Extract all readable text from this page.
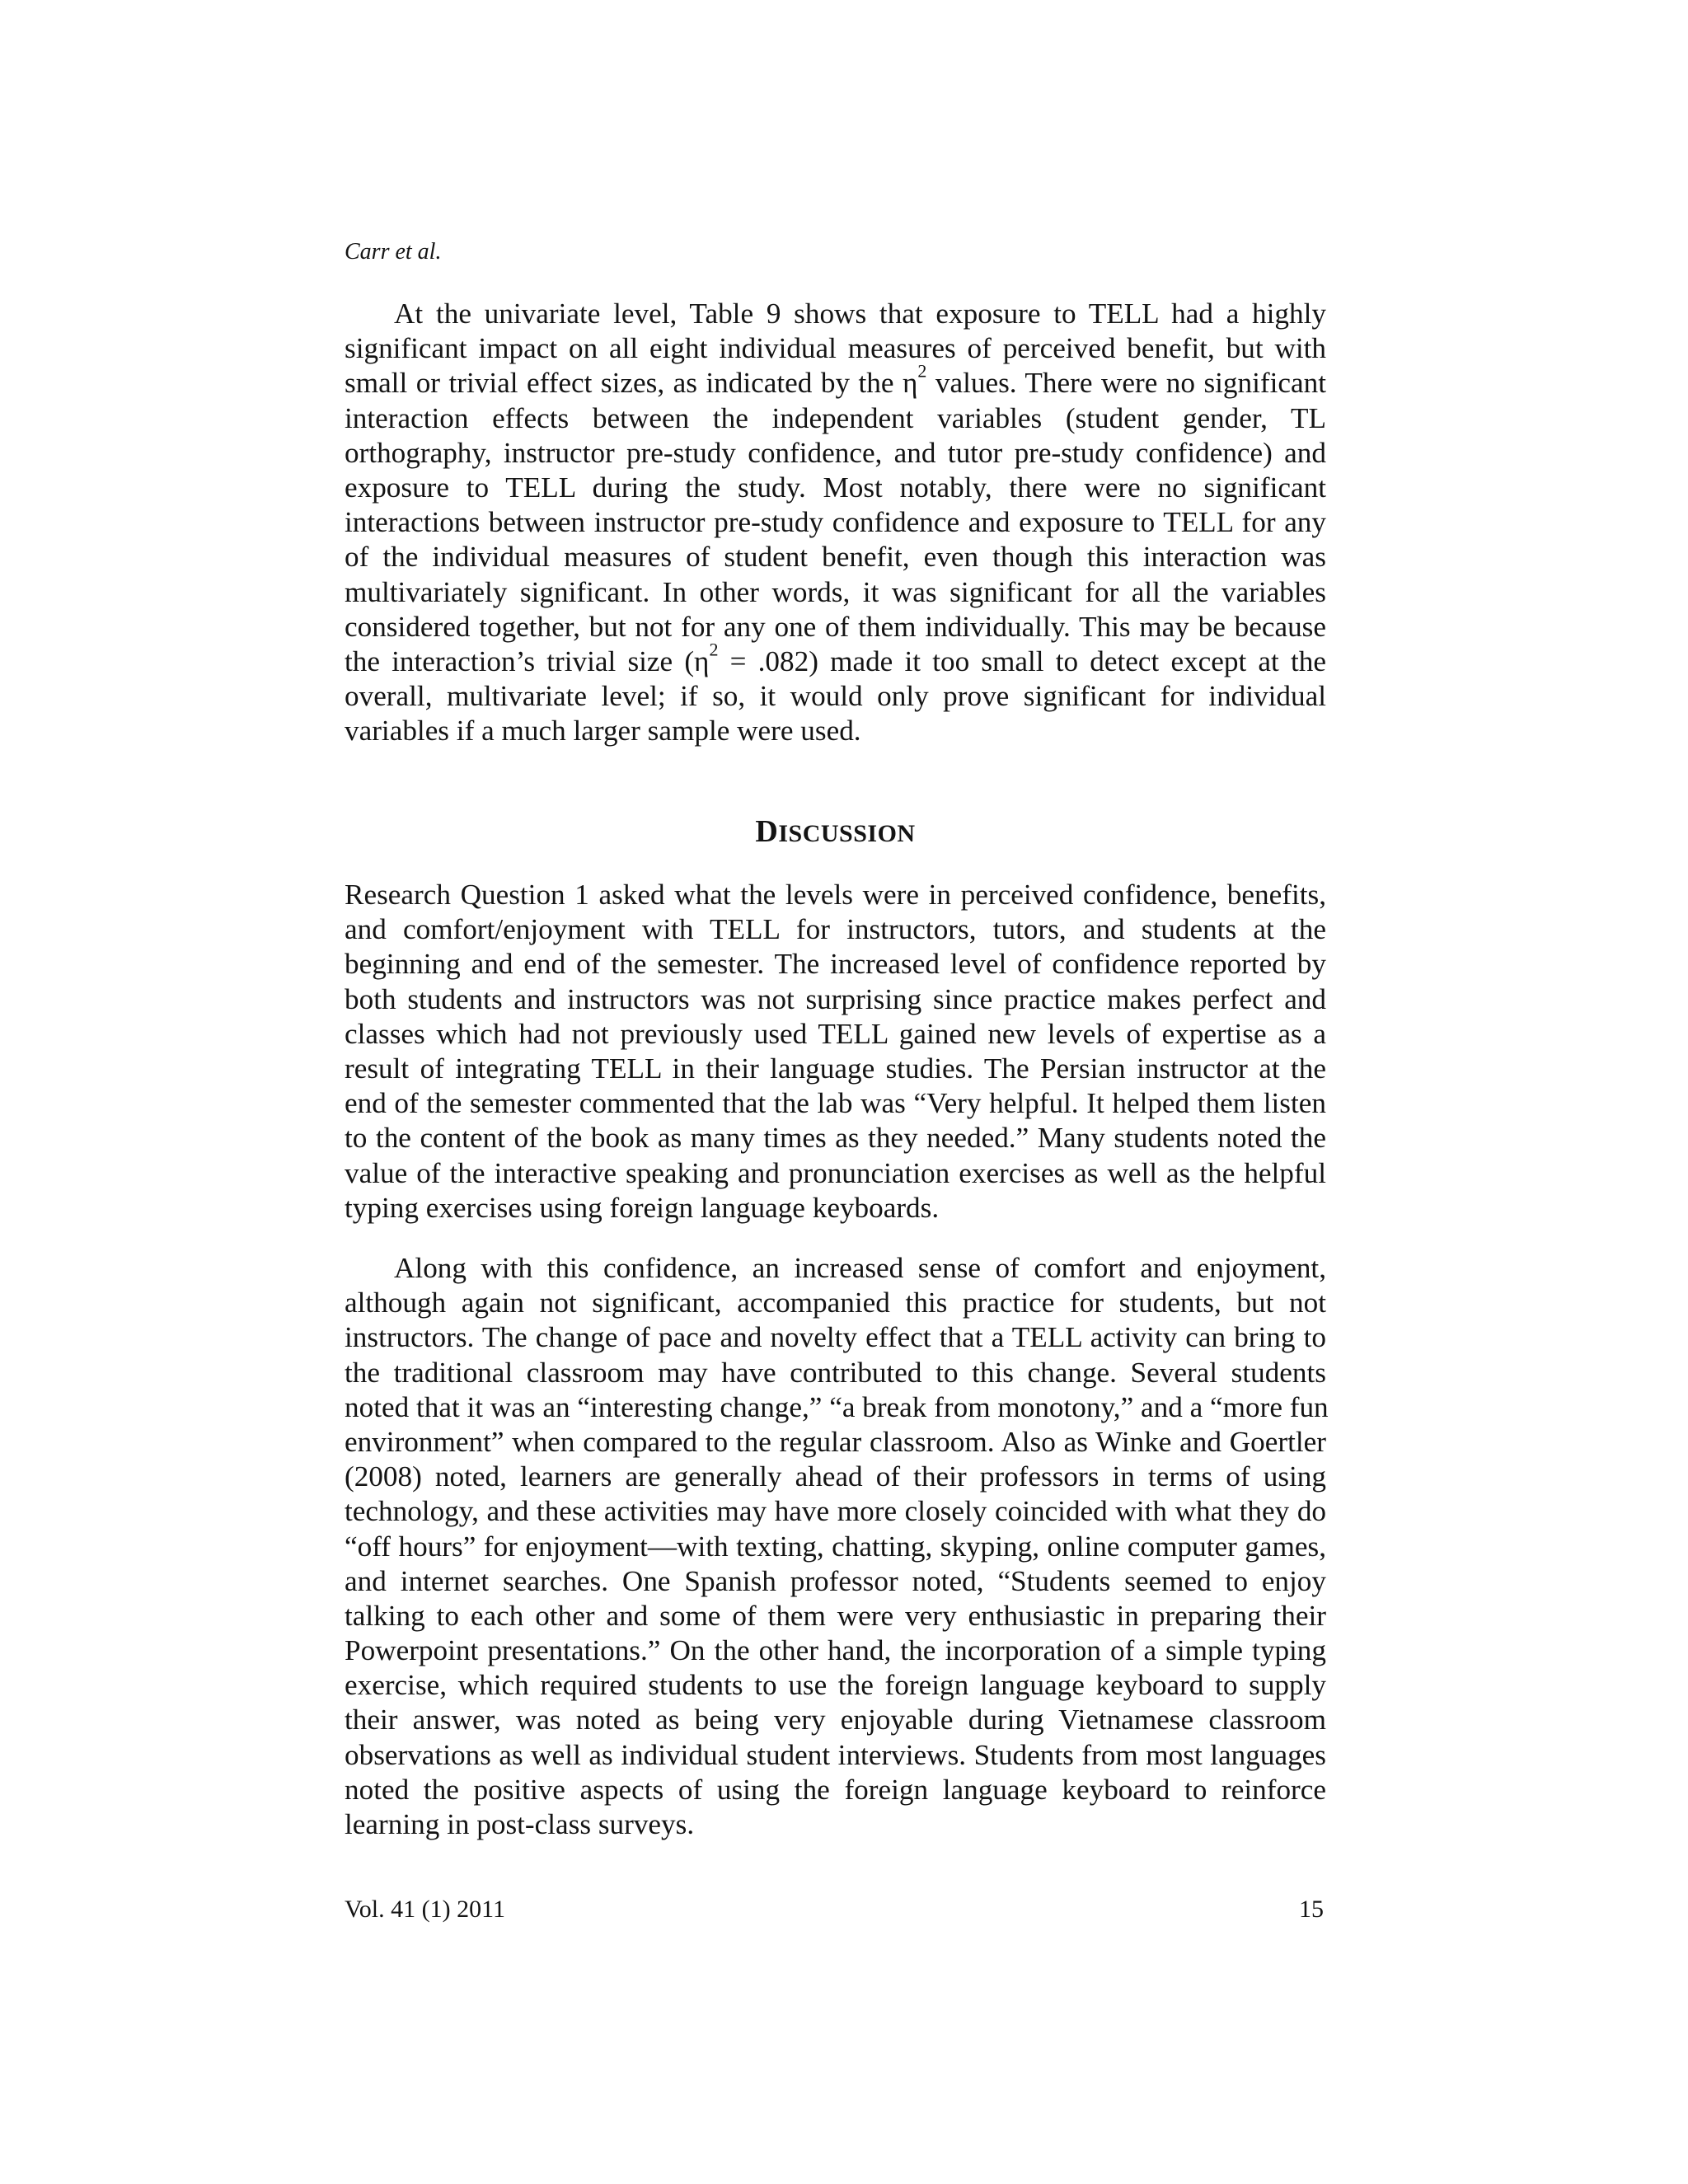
Carr et al.
At the univariate level, Table 9 shows that exposure to TELL had a highly
significant impact on all eight individual measures of perceived benefit, but with
small or trivial effect sizes, as indicated by the $\eta^2$ values. There were no significant
interaction effects between the independent variables (student gender, TL
orthography, instructor pre-study confidence, and tutor pre-study confidence) and
exposure to TELL during the study. Most notably, there were no significant
interactions between instructor pre-study confidence and exposure to TELL for any
of the individual measures of student benefit, even though this interaction was
multivariately significant. In other words, it was significant for all the variables
considered together, but not for any one of them individually. This may be because
the interaction’s trivial size $(\eta^2 = .082)$ made it too small to detect except at the
overall, multivariate level; if so, it would only prove significant for individual
variables if a much larger sample were used.
DISCUSSION
Research Question 1 asked what the levels were in perceived confidence, benefits,
and comfort/enjoyment with TELL for instructors, tutors, and students at the
beginning and end of the semester. The increased level of confidence reported by
both students and instructors was not surprising since practice makes perfect and
classes which had not previously used TELL gained new levels of expertise as a
result of integrating TELL in their language studies. The Persian instructor at the
end of the semester commented that the lab was “Very helpful. It helped them listen
to the content of the book as many times as they needed.” Many students noted the
value of the interactive speaking and pronunciation exercises as well as the helpful
typing exercises using foreign language keyboards.
Along with this confidence, an increased sense of comfort and enjoyment,
although again not significant, accompanied this practice for students, but not
instructors. The change of pace and novelty effect that a TELL activity can bring to
the traditional classroom may have contributed to this change. Several students
noted that it was an “interesting change,” “a break from monotony,” and a “more fun
environment” when compared to the regular classroom. Also as Winke and Goertler
(2008) noted, learners are generally ahead of their professors in terms of using
technology, and these activities may have more closely coincided with what they do
“off hours” for enjoyment—with texting, chatting, skyping, online computer games,
and internet searches. One Spanish professor noted, “Students seemed to enjoy
talking to each other and some of them were very enthusiastic in preparing their
Powerpoint presentations.” On the other hand, the incorporation of a simple typing
exercise, which required students to use the foreign language keyboard to supply
their answer, was noted as being very enjoyable during Vietnamese classroom
observations as well as individual student interviews. Students from most languages
noted the positive aspects of using the foreign language keyboard to reinforce
learning in post-class surveys.
Vol. 41 (1) 2011	15
